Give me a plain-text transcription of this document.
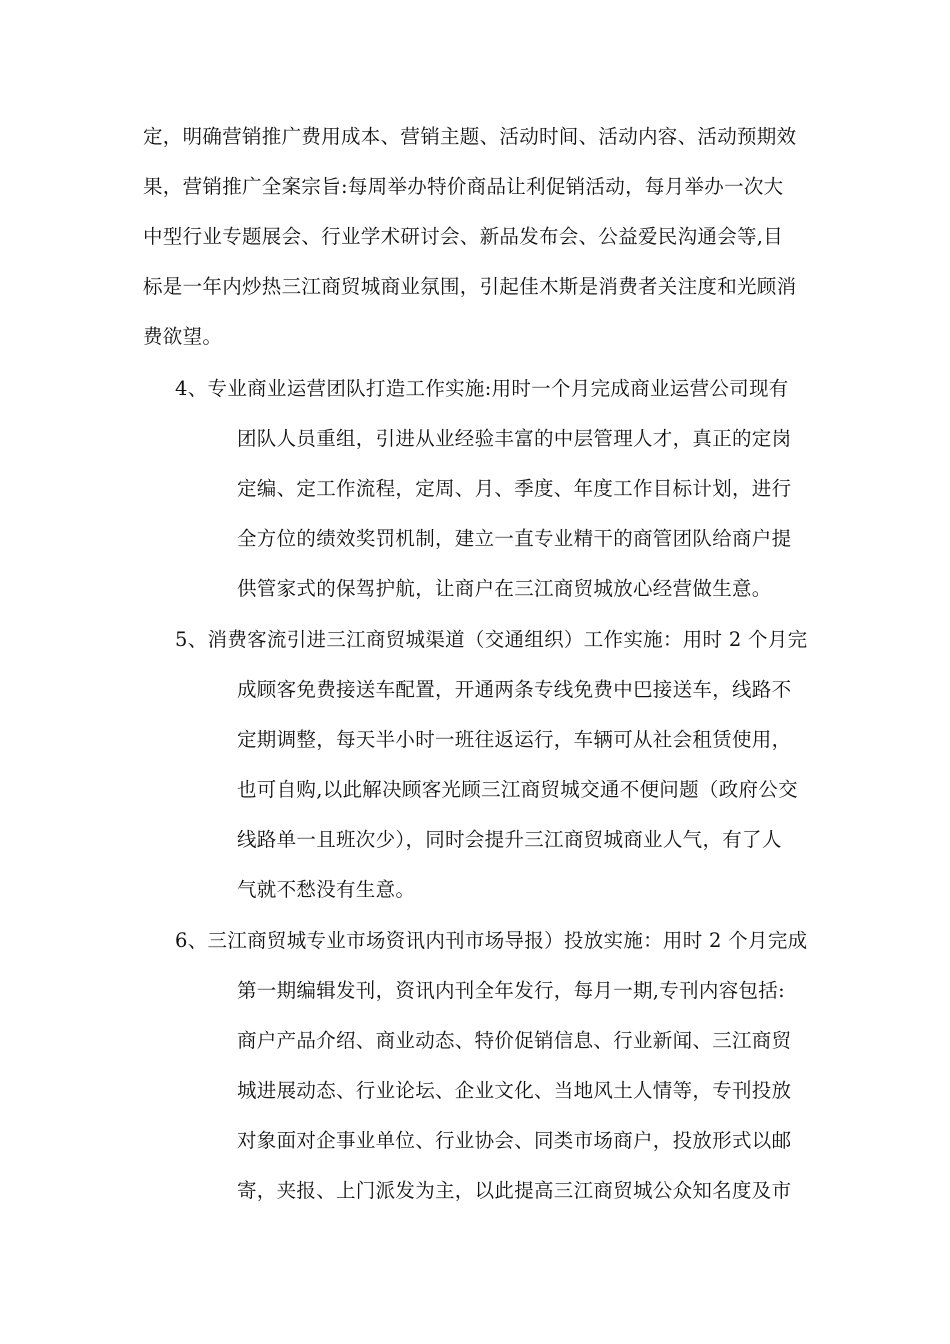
定，明确营销推广费用成本、营销主题、活动时间、活动内容、活动预期效
果，营销推广全案宗旨:每周举办特价商品让利促销活动，每月举办一次大
中型行业专题展会、行业学术研讨会、新品发布会、公益爱民沟通会等,目
标是一年内炒热三江商贸城商业氛围，引起佳木斯是消费者关注度和光顾消
费欲望。
4、专业商业运营团队打造工作实施:用时一个月完成商业运营公司现有
团队人员重组，引进从业经验丰富的中层管理人才，真正的定岗
定编、定工作流程，定周、月、季度、年度工作目标计划，进行
全方位的绩效奖罚机制，建立一直专业精干的商管团队给商户提
供管家式的保驾护航，让商户在三江商贸城放心经营做生意。
5、消费客流引进三江商贸城渠道（交通组织）工作实施：用时 2 个月完
成顾客免费接送车配置，开通两条专线免费中巴接送车，线路不
定期调整，每天半小时一班往返运行，车辆可从社会租赁使用，
也可自购,以此解决顾客光顾三江商贸城交通不便问题（政府公交
线路单一且班次少），同时会提升三江商贸城商业人气，有了人
气就不愁没有生意。
6、三江商贸城专业市场资讯内刊市场导报）投放实施：用时 2 个月完成
第一期编辑发刊，资讯内刊全年发行，每月一期,专刊内容包括:
商户产品介绍、商业动态、特价促销信息、行业新闻、三江商贸
城进展动态、行业论坛、企业文化、当地风土人情等，专刊投放
对象面对企事业单位、行业协会、同类市场商户，投放形式以邮
寄，夹报、上门派发为主，以此提高三江商贸城公众知名度及市
